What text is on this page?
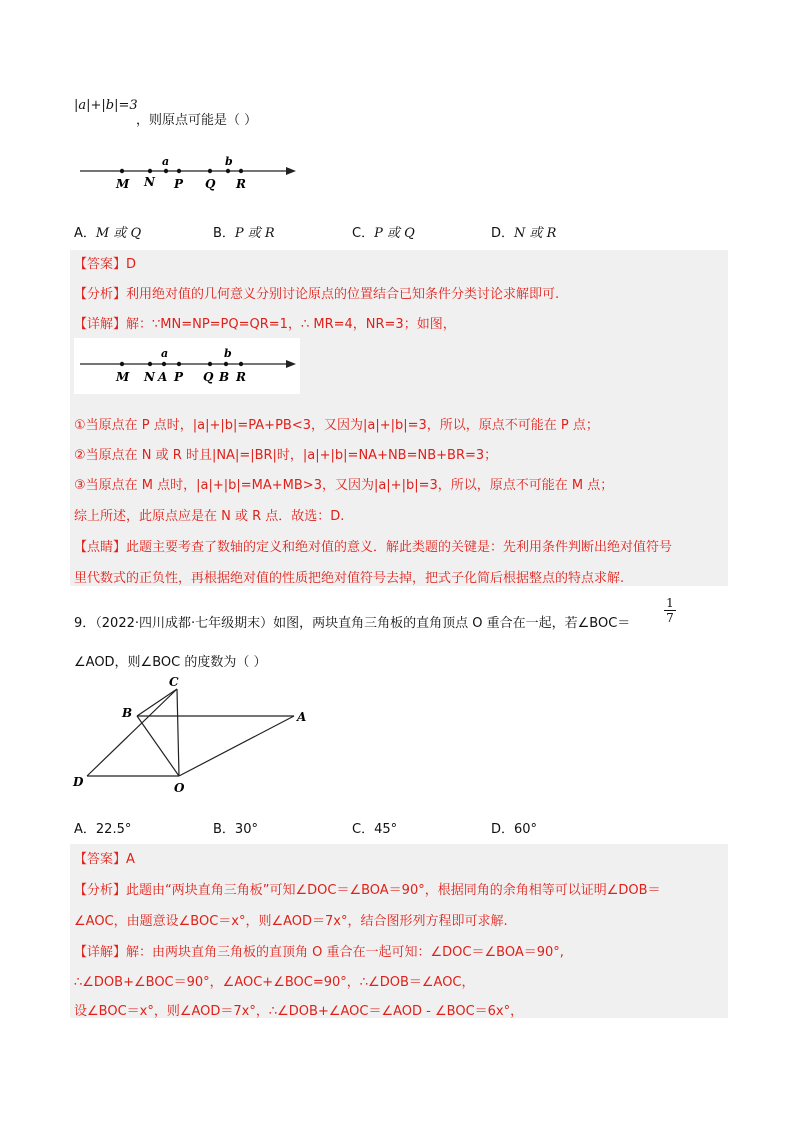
|a|+|b|=3
，则原点可能是（ ）
M N P Q R
a	b
A．M 或 Q	B．P 或 R	C．P 或 Q	D．N 或 R
【答案】D
【分析】利用绝对值的几何意义分别讨论原点的位置结合已知条件分类讨论求解即可.
【详解】解：∵MN=NP=PQ=QR=1，∴ MR=4，NR=3；如图，
M N A P Q B R
a	b
①当原点在 P 点时，|a|+|b|=PA+PB<3，又因为|a|+|b|=3，所以，原点不可能在 P 点；
②当原点在 N 或 R 时且|NA|=|BR|时，|a|+|b|=NA+NB=NB+BR=3；
③当原点在 M 点时，|a|+|b|=MA+MB>3，又因为|a|+|b|=3，所以，原点不可能在 M 点；
综上所述，此原点应是在 N 或 R 点．故选：D.
【点睛】此题主要考查了数轴的定义和绝对值的意义．解此类题的关键是：先利用条件判断出绝对值符号
里代数式的正负性，再根据绝对值的性质把绝对值符号去掉，把式子化简后根据整点的特点求解.
9．（2022·四川成都·七年级期末）如图，两块直角三角板的直角顶点 O 重合在一起，若∠BOC＝	$\frac{1}{7}$
∠AOD，则∠BOC 的度数为（ ）
C
B	A
D	O
A．22.5°	B．30°	C．45°	D．60°
【答案】A
【分析】此题由“两块直角三角板”可知∠DOC＝∠BOA＝90°，根据同角的余角相等可以证明∠DOB＝
∠AOC，由题意设∠BOC＝x°，则∠AOD＝7x°，结合图形列方程即可求解.
【详解】解：由两块直角三角板的直顶角 O 重合在一起可知：∠DOC＝∠BOA＝90°,
∴∠DOB+∠BOC＝90°，∠AOC+∠BOC=90°，∴∠DOB＝∠AOC，
设∠BOC＝x°，则∠AOD＝7x°，∴∠DOB+∠AOC＝∠AOD - ∠BOC＝6x°，
